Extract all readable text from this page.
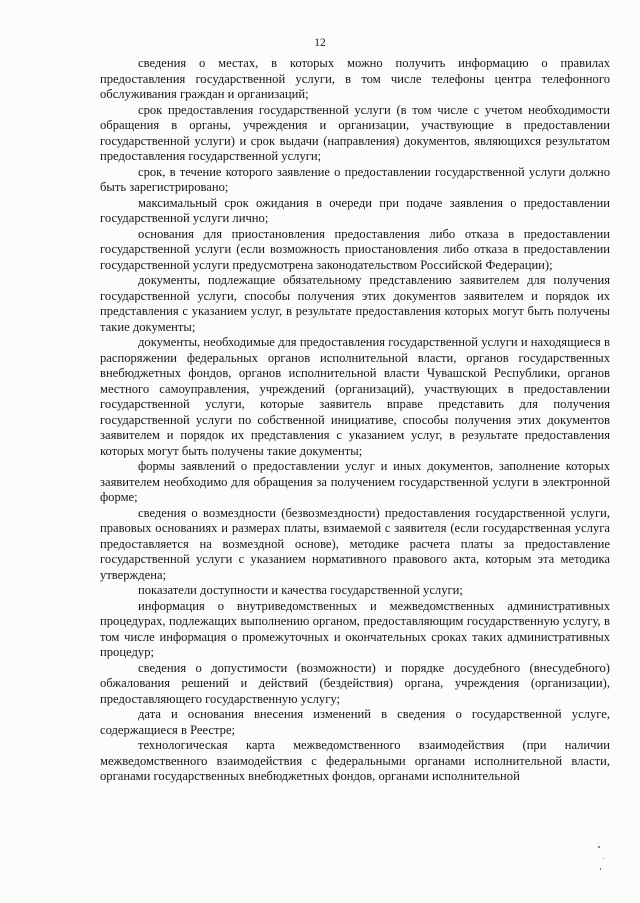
12

сведения о местах, в которых можно получить информацию о правилах предоставления государственной услуги, в том числе телефоны центра телефонного обслуживания граждан и организаций;

срок предоставления государственной услуги (в том числе с учетом необходимости обращения в органы, учреждения и организации, участвующие в предоставлении государственной услуги) и срок выдачи (направления) документов, являющихся результатом предоставления государственной услуги;

срок, в течение которого заявление о предоставлении государственной услуги должно быть зарегистрировано;

максимальный срок ожидания в очереди при подаче заявления о предоставлении государственной услуги лично;

основания для приостановления предоставления либо отказа в предоставлении государственной услуги (если возможность приостановления либо отказа в предоставлении государственной услуги предусмотрена законодательством Российской Федерации);

документы, подлежащие обязательному представлению заявителем для получения государственной услуги, способы получения этих документов заявителем и порядок их представления с указанием услуг, в результате предоставления которых могут быть получены такие документы;

документы, необходимые для предоставления государственной услуги и находящиеся в распоряжении федеральных органов исполнительной власти, органов государственных внебюджетных фондов, органов исполнительной власти Чувашской Республики, органов местного самоуправления, учреждений (организаций), участвующих в предоставлении государственной услуги, которые заявитель вправе представить для получения государственной услуги по собственной инициативе, способы получения этих документов заявителем и порядок их представления с указанием услуг, в результате предоставления которых могут быть получены такие документы;

формы заявлений о предоставлении услуг и иных документов, заполнение которых заявителем необходимо для обращения за получением государственной услуги в электронной форме;

сведения о возмездности (безвозмездности) предоставления государственной услуги, правовых основаниях и размерах платы, взимаемой с заявителя (если государственная услуга предоставляется на возмездной основе), методике расчета платы за предоставление государственной услуги с указанием нормативного правового акта, которым эта методика утверждена;

показатели доступности и качества государственной услуги;

информация о внутриведомственных и межведомственных административных процедурах, подлежащих выполнению органом, предоставляющим государственную услугу, в том числе информация о промежуточных и окончательных сроках таких административных процедур;

сведения о допустимости (возможности) и порядке досудебного (внесудебного) обжалования решений и действий (бездействия) органа, учреждения (организации), предоставляющего государственную услугу;

дата и основания внесения изменений в сведения о государственной услуге, содержащиеся в Реестре;

технологическая карта межведомственного взаимодействия (при наличии межведомственного взаимодействия с федеральными органами исполнительной власти, органами государственных внебюджетных фондов, органами исполнительной
